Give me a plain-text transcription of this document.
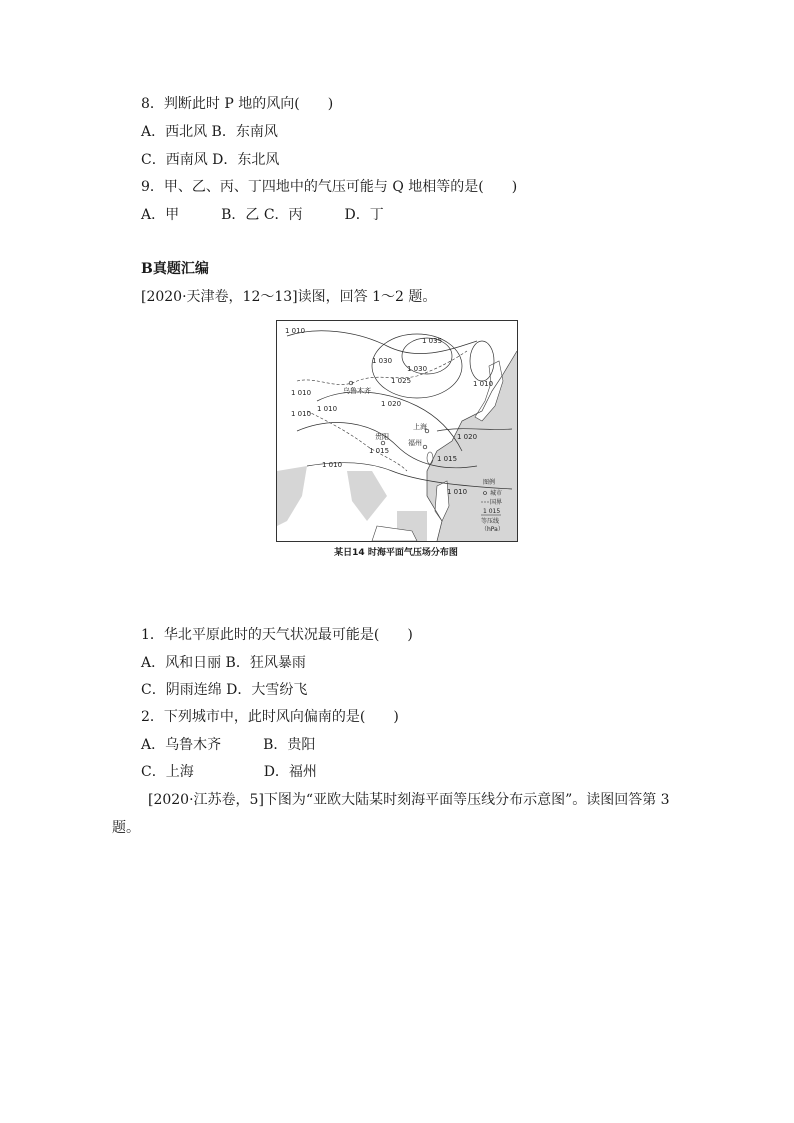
8．判断此时 P 地的风向(　　)
A．西北风 B．东南风
C．西南风 D．东北风
9．甲、乙、丙、丁四地中的气压可能与 Q 地相等的是(　　)
A．甲　　　B．乙 C．丙　　　D．丁
B真题汇编
[2020·天津卷，12～13]读图，回答 1～2 题。
1 010
1 035
1 030
1 030
1 025
1 020
1 010
1 010
1 010
1 020
1 015
1 010
1 010
1 015
1 010
乌鲁木齐
贵阳
上海
福州
图例
城市
国界
1 015
等压线
（hPa）
某日14 时海平面气压场分布图
1．华北平原此时的天气状况最可能是(　　)
A．风和日丽 B．狂风暴雨
C．阴雨连绵 D．大雪纷飞
2．下列城市中，此时风向偏南的是(　　)
A．乌鲁木齐　　　B．贵阳
C．上海　　　　　D．福州
[2020·江苏卷，5]下图为“亚欧大陆某时刻海平面等压线分布示意图”。读图回答第 3
题。
